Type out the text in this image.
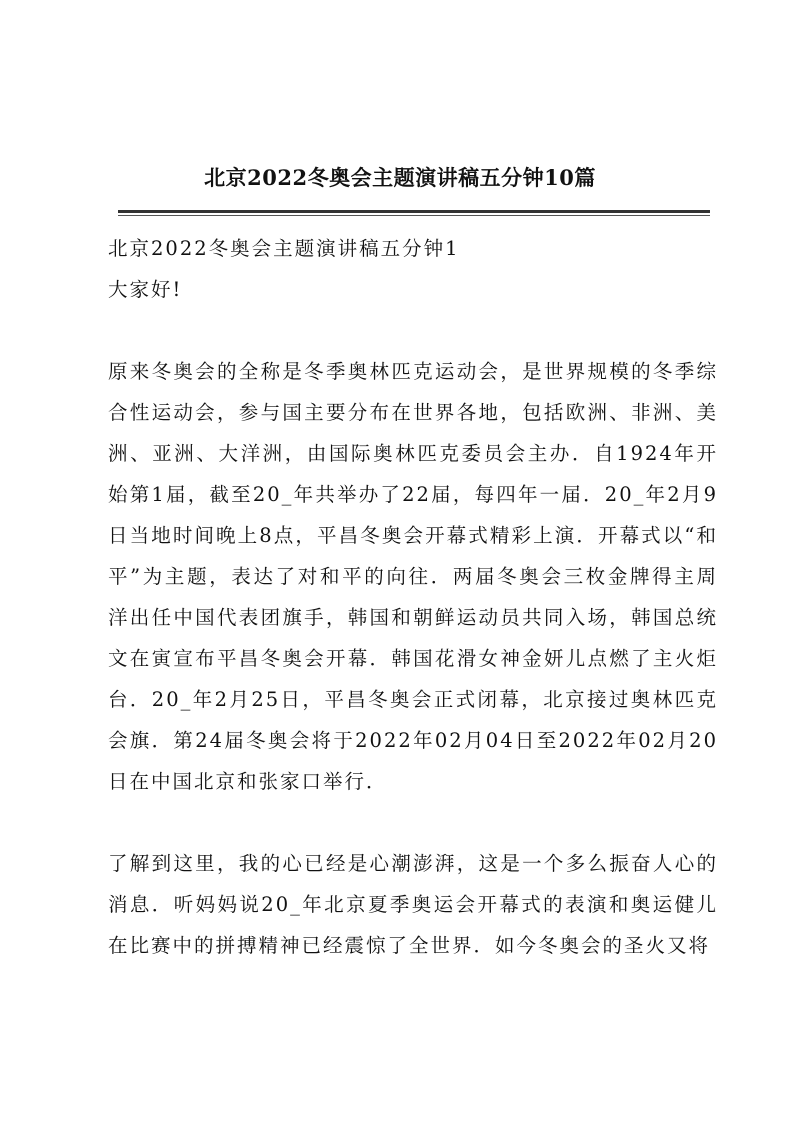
北京2022冬奥会主题演讲稿五分钟10篇

北京2022冬奥会主题演讲稿五分钟1

大家好!

原来冬奥会的全称是冬季奥林匹克运动会，是世界规模的冬季综合性运动会，参与国主要分布在世界各地，包括欧洲、非洲、美洲、亚洲、大洋洲，由国际奥林匹克委员会主办．自1924年开始第1届，截至20_年共举办了22届，每四年一届．20_年2月9日当地时间晚上8点，平昌冬奥会开幕式精彩上演．开幕式以“和平”为主题，表达了对和平的向往．两届冬奥会三枚金牌得主周洋出任中国代表团旗手，韩国和朝鲜运动员共同入场，韩国总统文在寅宣布平昌冬奥会开幕．韩国花滑女神金妍儿点燃了主火炬台．20_年2月25日，平昌冬奥会正式闭幕，北京接过奥林匹克会旗．第24届冬奥会将于2022年02月04日至2022年02月20日在中国北京和张家口举行．

了解到这里，我的心已经是心潮澎湃，这是一个多么振奋人心的消息．听妈妈说20_年北京夏季奥运会开幕式的表演和奥运健儿在比赛中的拼搏精神已经震惊了全世界．如今冬奥会的圣火又将
